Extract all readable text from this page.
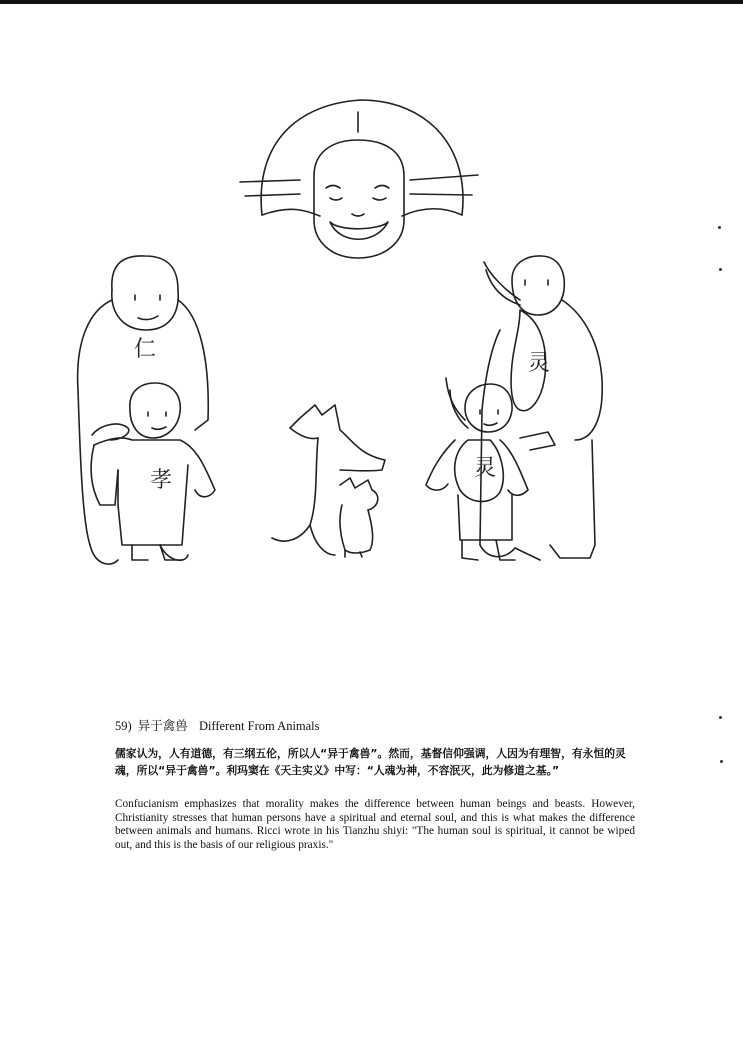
仁
孝
灵
灵
59) 异于禽兽 Different From Animals
儒家认为，人有道德，有三纲五伦，所以人“异于禽兽”。然而，基督信仰强调，人因为有理智，有永恒的灵魂，所以“异于禽兽”。利玛窦在《天主实义》中写：“人魂为神，不容泯灭，此为修道之基。”
Confucianism emphasizes that morality makes the difference between human beings and beasts. However, Christianity stresses that human persons have a spiritual and eternal soul, and this is what makes the difference between animals and humans. Ricci wrote in his Tianzhu shiyi: "The human soul is spiritual, it cannot be wiped out, and this is the basis of our religious praxis."
